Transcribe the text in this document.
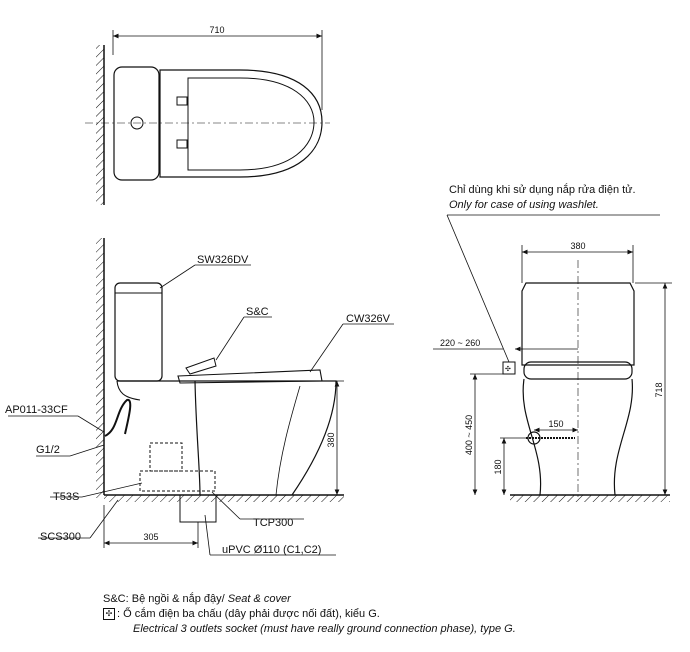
710
380
305
SW326DV
S&C
CW326V
AP011-33CF
G1/2
T53S
SCS300
TCP300
uPVC Ø110 (C1,C2)
380
✣
220 ~ 260
400 ~ 450	150
180
718
Chỉ dùng khi sử dụng nắp rửa điện tử.
Only for case of using washlet.
S&C: Bệ ngồi & nắp đậy/ Seat & cover
✣ : Ổ cắm điện ba chấu (dây phải được nối đất), kiểu G.
Electrical 3 outlets socket (must have really ground connection phase), type G.
